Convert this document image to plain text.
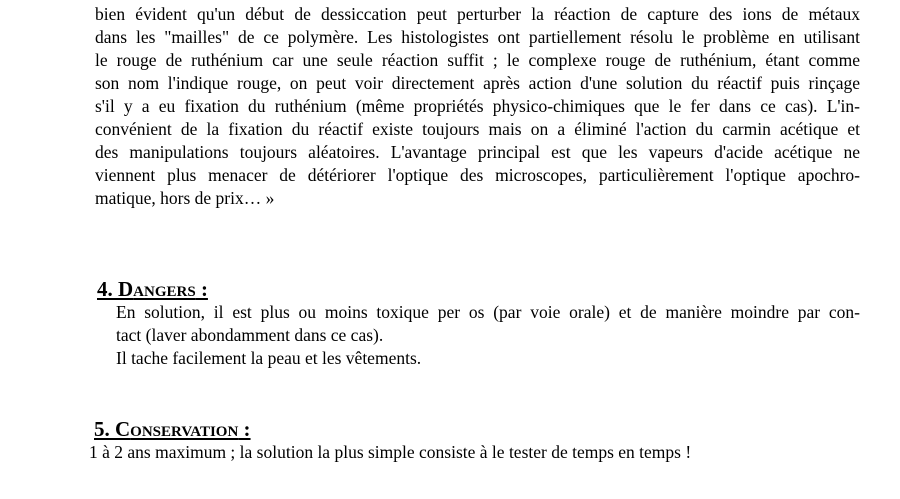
bien évident qu'un début de dessiccation peut perturber la réaction de capture des ions de métaux
dans les "mailles" de ce polymère. Les histologistes ont partiellement résolu le problème en utilisant
le rouge de ruthénium car une seule réaction suffit ; le complexe rouge de ruthénium, étant comme
son nom l'indique rouge, on peut voir directement après action d'une solution du réactif puis rinçage
s'il y a eu fixation du ruthénium (même propriétés physico-chimiques que le fer dans ce cas). L'in-
convénient de la fixation du réactif existe toujours mais on a éliminé l'action du carmin acétique et
des manipulations toujours aléatoires. L'avantage principal est que les vapeurs d'acide acétique ne
viennent plus menacer de détériorer l'optique des microscopes, particulièrement l'optique apochro-
matique, hors de prix… »
4. Dangers :
En solution, il est plus ou moins toxique per os (par voie orale) et de manière moindre par con-
tact (laver abondamment dans ce cas).
Il tache facilement la peau et les vêtements.
5. Conservation :

1 à 2 ans maximum ; la solution la plus simple consiste à le tester de temps en temps !
